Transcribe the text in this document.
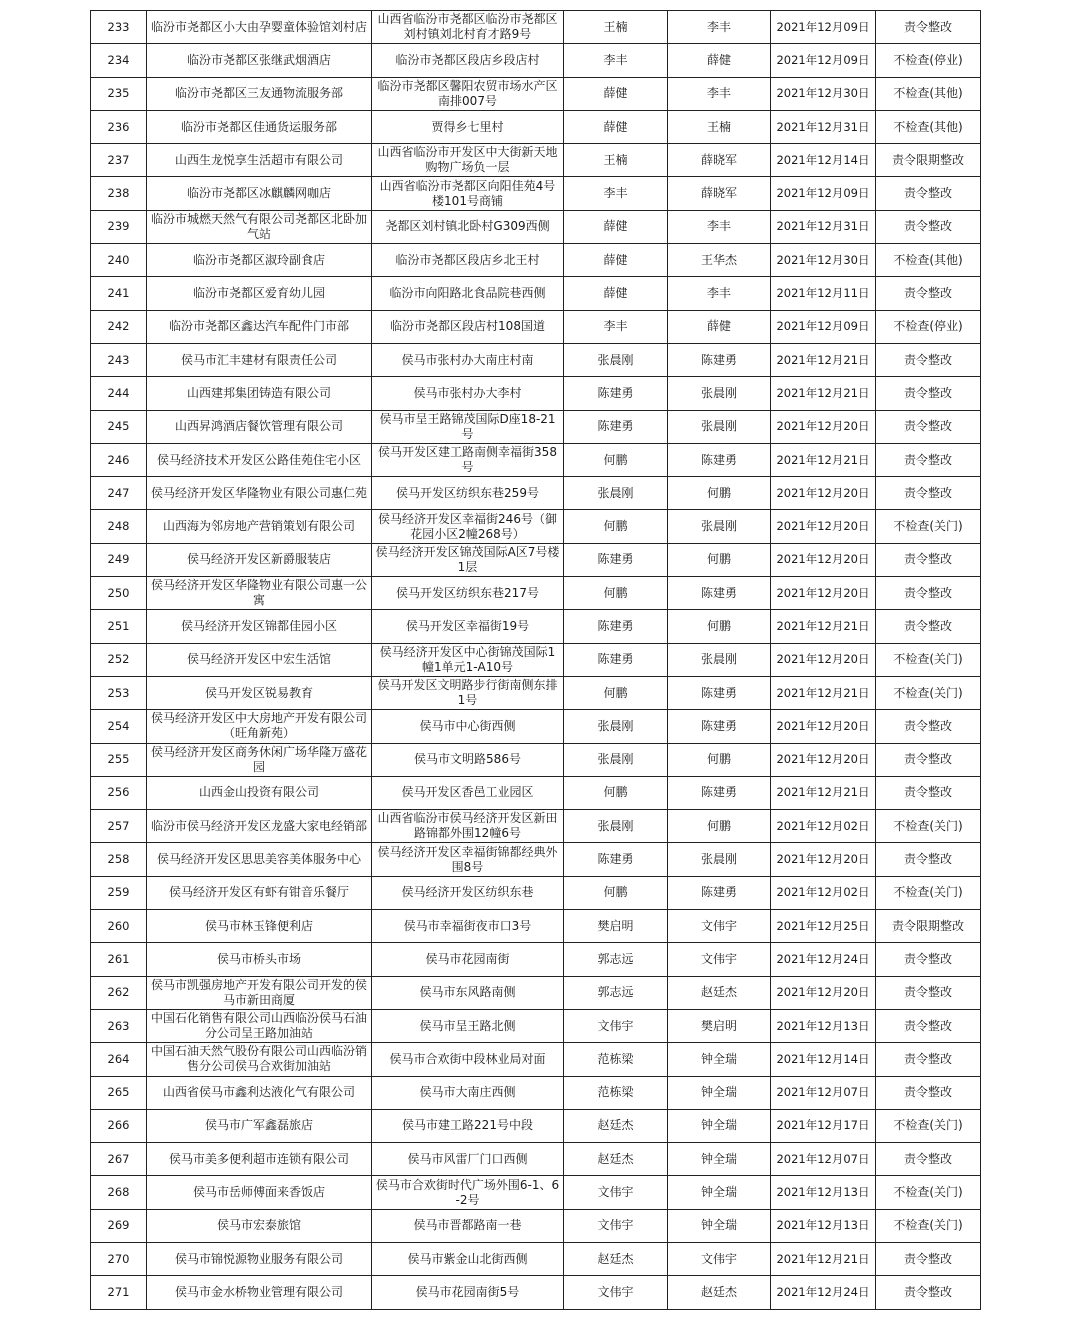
233	临汾市尧都区小大由孕婴童体验馆刘村店	山西省临汾市尧都区临汾市尧都区刘村镇刘北村育才路9号	王楠	李丰	2021年12月09日	责令整改
234	临汾市尧都区张继武烟酒店	临汾市尧都区段店乡段店村	李丰	薛健	2021年12月09日	不检查(停业)
235	临汾市尧都区三友通物流服务部	临汾市尧都区馨阳农贸市场水产区南排007号	薛健	李丰	2021年12月30日	不检查(其他)
236	临汾市尧都区佳通货运服务部	贾得乡七里村	薛健	王楠	2021年12月31日	不检查(其他)
237	山西生龙悦享生活超市有限公司	山西省临汾市开发区中大街新天地购物广场负一层	王楠	薛晓军	2021年12月14日	责令限期整改
238	临汾市尧都区冰麒麟网咖店	山西省临汾市尧都区向阳佳苑4号楼101号商铺	李丰	薛晓军	2021年12月09日	责令整改
239	临汾市城燃天然气有限公司尧都区北卧加气站	尧都区刘村镇北卧村G309西侧	薛健	李丰	2021年12月31日	责令整改
240	临汾市尧都区淑玲副食店	临汾市尧都区段店乡北王村	薛健	王华杰	2021年12月30日	不检查(其他)
241	临汾市尧都区爱育幼儿园	临汾市向阳路北食品院巷西侧	薛健	李丰	2021年12月11日	责令整改
242	临汾市尧都区鑫达汽车配件门市部	临汾市尧都区段店村108国道	李丰	薛健	2021年12月09日	不检查(停业)
243	侯马市汇丰建材有限责任公司	侯马市张村办大南庄村南	张晨刚	陈建勇	2021年12月21日	责令整改
244	山西建邦集团铸造有限公司	侯马市张村办大李村	陈建勇	张晨刚	2021年12月21日	责令整改
245	山西昇鸿酒店餐饮管理有限公司	侯马市呈王路锦茂国际D座18-21号	陈建勇	张晨刚	2021年12月20日	责令整改
246	侯马经济技术开发区公路佳苑住宅小区	侯马开发区建工路南侧幸福街358号	何鹏	陈建勇	2021年12月21日	责令整改
247	侯马经济开发区华隆物业有限公司惠仁苑	侯马开发区纺织东巷259号	张晨刚	何鹏	2021年12月20日	责令整改
248	山西海为邻房地产营销策划有限公司	侯马经济开发区幸福街246号（御花园小区2幢268号）	何鹏	张晨刚	2021年12月20日	不检查(关门)
249	侯马经济开发区新爵服装店	侯马经济开发区锦茂国际A区7号楼1层	陈建勇	何鹏	2021年12月20日	责令整改
250	侯马经济开发区华隆物业有限公司惠一公寓	侯马开发区纺织东巷217号	何鹏	陈建勇	2021年12月20日	责令整改
251	侯马经济开发区锦都佳园小区	侯马开发区幸福街19号	陈建勇	何鹏	2021年12月21日	责令整改
252	侯马经济开发区中宏生活馆	侯马经济开发区中心街锦茂国际1幢1单元1-A10号	陈建勇	张晨刚	2021年12月20日	不检查(关门)
253	侯马开发区锐易教育	侯马开发区文明路步行街南侧东排1号	何鹏	陈建勇	2021年12月21日	不检查(关门)
254	侯马经济开发区中大房地产开发有限公司（旺角新苑）	侯马市中心街西侧	张晨刚	陈建勇	2021年12月20日	责令整改
255	侯马经济开发区商务休闲广场华隆万盛花园	侯马市文明路586号	张晨刚	何鹏	2021年12月20日	责令整改
256	山西金山投资有限公司	侯马开发区香邑工业园区	何鹏	陈建勇	2021年12月21日	责令整改
257	临汾市侯马经济开发区龙盛大家电经销部	山西省临汾市侯马经济开发区新田路锦都外围12幢6号	张晨刚	何鹏	2021年12月02日	不检查(关门)
258	侯马经济开发区思思美容美体服务中心	侯马经济开发区幸福街锦都经典外围8号	陈建勇	张晨刚	2021年12月20日	责令整改
259	侯马经济开发区有虾有钳音乐餐厅	侯马经济开发区纺织东巷	何鹏	陈建勇	2021年12月02日	不检查(关门)
260	侯马市林玉锋便利店	侯马市幸福街夜市口3号	樊启明	文伟宇	2021年12月25日	责令限期整改
261	侯马市桥头市场	侯马市花园南街	郭志远	文伟宇	2021年12月24日	责令整改
262	侯马市凯强房地产开发有限公司开发的侯马市新田商厦	侯马市东风路南侧	郭志远	赵廷杰	2021年12月20日	责令整改
263	中国石化销售有限公司山西临汾侯马石油分公司呈王路加油站	侯马市呈王路北侧	文伟宇	樊启明	2021年12月13日	责令整改
264	中国石油天然气股份有限公司山西临汾销售分公司侯马合欢街加油站	侯马市合欢街中段林业局对面	范栋梁	钟全瑞	2021年12月14日	责令整改
265	山西省侯马市鑫利达液化气有限公司	侯马市大南庄西侧	范栋梁	钟全瑞	2021年12月07日	责令整改
266	侯马市广军鑫磊旅店	侯马市建工路221号中段	赵廷杰	钟全瑞	2021年12月17日	不检查(关门)
267	侯马市美多便利超市连锁有限公司	侯马市风雷厂门口西侧	赵廷杰	钟全瑞	2021年12月07日	责令整改
268	侯马市岳师傅面来香饭店	侯马市合欢街时代广场外围6-1、6-2号	文伟宇	钟全瑞	2021年12月13日	不检查(关门)
269	侯马市宏泰旅馆	侯马市晋都路南一巷	文伟宇	钟全瑞	2021年12月13日	不检查(关门)
270	侯马市锦悦源物业服务有限公司	侯马市紫金山北街西侧	赵廷杰	文伟宇	2021年12月21日	责令整改
271	侯马市金水桥物业管理有限公司	侯马市花园南街5号	文伟宇	赵廷杰	2021年12月24日	责令整改
